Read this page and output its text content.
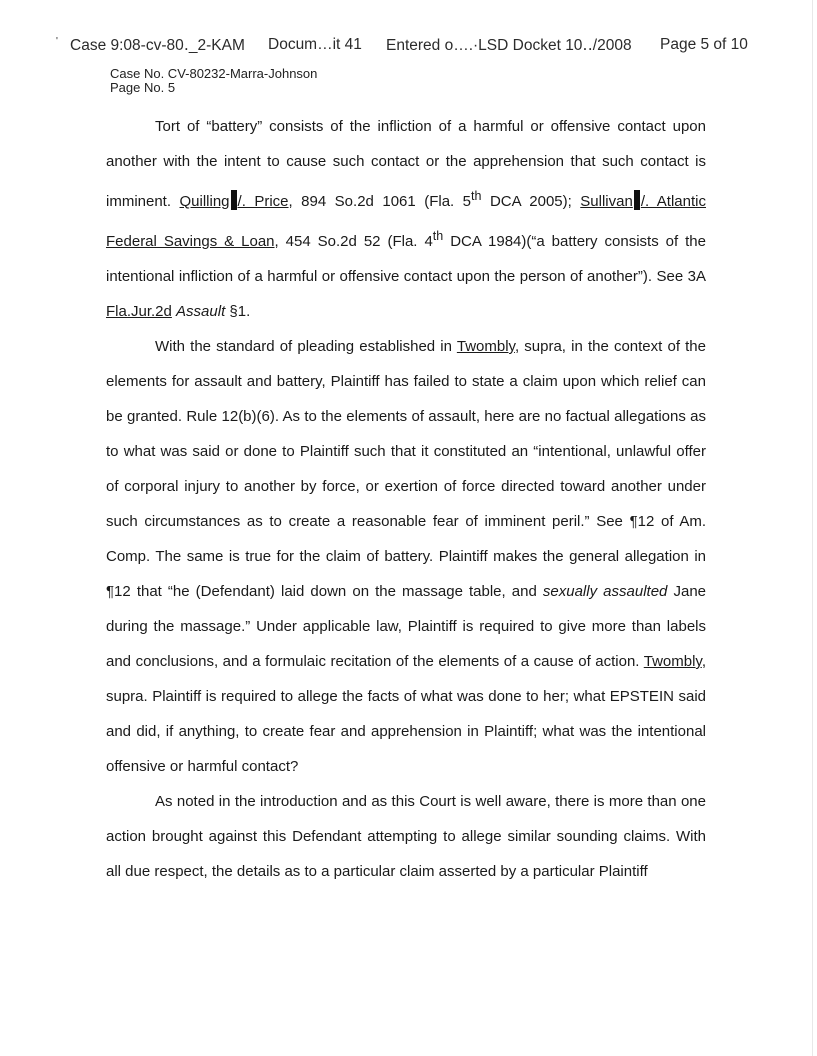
' Case 9:08-cv-80․_2-KAM Docum…it 41 Entered o….·LSD Docket 10․․/2008 Page 5 of 10
Case No. CV-80232-Marra-Johnson
Page No. 5

Tort of “battery” consists of the infliction of a harmful or offensive contact upon another with the intent to cause such contact or the apprehension that such contact is imminent. Quilling /. Price, 894 So.2d 1061 (Fla. 5th DCA 2005); Sullivan /. Atlantic Federal Savings & Loan, 454 So.2d 52 (Fla. 4th DCA 1984)(“a battery consists of the intentional infliction of a harmful or offensive contact upon the person of another”). See 3A Fla.Jur.2d Assault §1.

With the standard of pleading established in Twombly, supra, in the context of the elements for assault and battery, Plaintiff has failed to state a claim upon which relief can be granted. Rule 12(b)(6). As to the elements of assault, here are no factual allegations as to what was said or done to Plaintiff such that it constituted an “intentional, unlawful offer of corporal injury to another by force, or exertion of force directed toward another under such circumstances as to create a reasonable fear of imminent peril.” See ¶12 of Am. Comp. The same is true for the claim of battery. Plaintiff makes the general allegation in ¶12 that “he (Defendant) laid down on the massage table, and sexually assaulted Jane during the massage.” Under applicable law, Plaintiff is required to give more than labels and conclusions, and a formulaic recitation of the elements of a cause of action. Twombly, supra. Plaintiff is required to allege the facts of what was done to her; what EPSTEIN said and did, if anything, to create fear and apprehension in Plaintiff; what was the intentional offensive or harmful contact?

As noted in the introduction and as this Court is well aware, there is more than one action brought against this Defendant attempting to allege similar sounding claims. With all due respect, the details as to a particular claim asserted by a particular Plaintiff
